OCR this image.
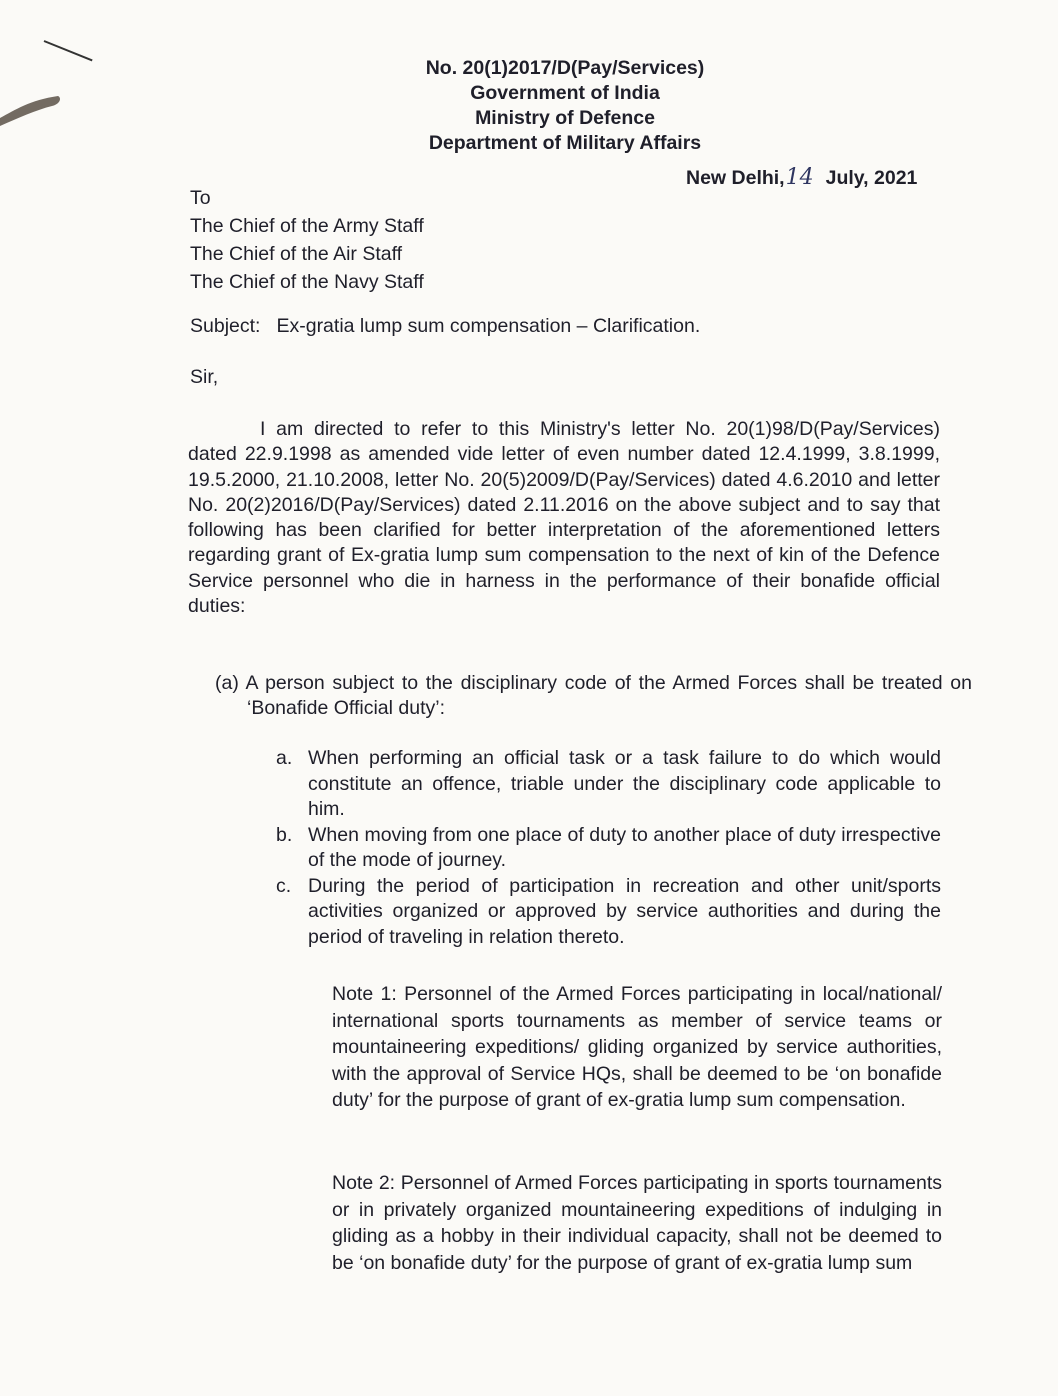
No. 20(1)2017/D(Pay/Services)
Government of India
Ministry of Defence
Department of Military Affairs
New Delhi,14 July, 2021
To
The Chief of the Army Staff
The Chief of the Air Staff
The Chief of the Navy Staff
Subject: Ex-gratia lump sum compensation – Clarification.
Sir,
I am directed to refer to this Ministry's letter No. 20(1)98/D(Pay/Services) dated 22.9.1998 as amended vide letter of even number dated 12.4.1999, 3.8.1999, 19.5.2000, 21.10.2008, letter No. 20(5)2009/D(Pay/Services) dated 4.6.2010 and letter No. 20(2)2016/D(Pay/Services) dated 2.11.2016 on the above subject and to say that following has been clarified for better interpretation of the aforementioned letters regarding grant of Ex-gratia lump sum compensation to the next of kin of the Defence Service personnel who die in harness in the performance of their bonafide official duties:
(a) A person subject to the disciplinary code of the Armed Forces shall be treated on ‘Bonafide Official duty’:
a. When performing an official task or a task failure to do which would constitute an offence, triable under the disciplinary code applicable to him.
b. When moving from one place of duty to another place of duty irrespective of the mode of journey.
c. During the period of participation in recreation and other unit/sports activities organized or approved by service authorities and during the period of traveling in relation thereto.
Note 1: Personnel of the Armed Forces participating in local/national/ international sports tournaments as member of service teams or mountaineering expeditions/ gliding organized by service authorities, with the approval of Service HQs, shall be deemed to be ‘on bonafide duty’ for the purpose of grant of ex-gratia lump sum compensation.
Note 2: Personnel of Armed Forces participating in sports tournaments or in privately organized mountaineering expeditions of indulging in gliding as a hobby in their individual capacity, shall not be deemed to be ‘on bonafide duty’ for the purpose of grant of ex-gratia lump sum
